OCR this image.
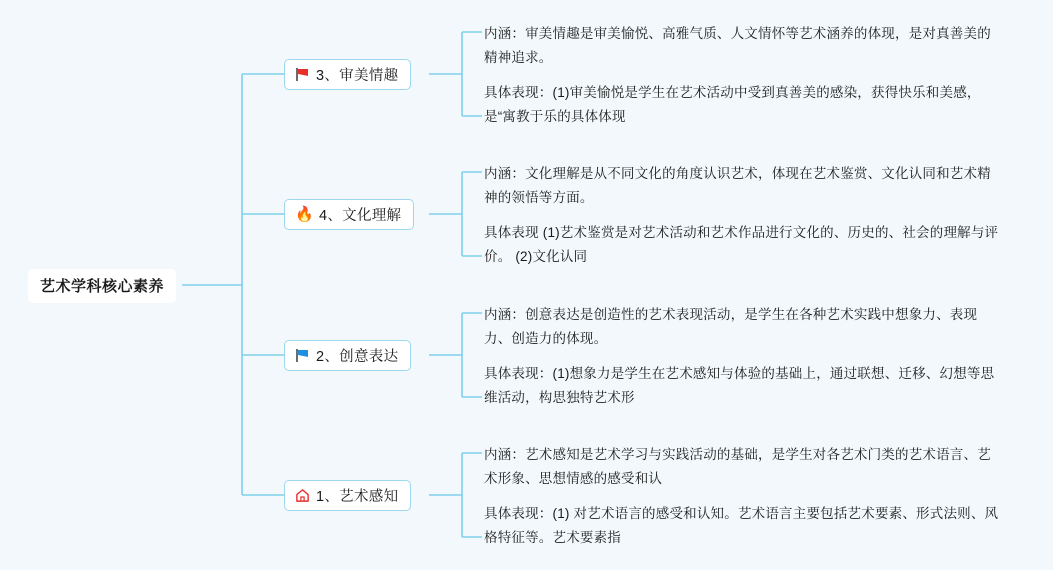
艺术学科核心素养
3、审美情趣

内涵：审美情趣是审美愉悦、高雅气质、人文情怀等艺术涵养的体现，是对真善美的精神追求。

具体表现：(1)审美愉悦是学生在艺术活动中受到真善美的感染，获得快乐和美感，是“寓教于乐的具体体现

🔥 4、文化理解

内涵：文化理解是从不同文化的角度认识艺术，体现在艺术鉴赏、文化认同和艺术精神的领悟等方面。

具体表现 (1)艺术鉴赏是对艺术活动和艺术作品进行文化的、历史的、社会的理解与评价。 (2)文化认同

2、创意表达

内涵：创意表达是创造性的艺术表现活动，是学生在各种艺术实践中想象力、表现力、创造力的体现。

具体表现：(1)想象力是学生在艺术感知与体验的基础上，通过联想、迁移、幻想等思维活动，构思独特艺术形

1、艺术感知

内涵：艺术感知是艺术学习与实践活动的基础，是学生对各艺术门类的艺术语言、艺术形象、思想情感的感受和认

具体表现：(1) 对艺术语言的感受和认知。艺术语言主要包括艺术要素、形式法则、风格特征等。艺术要素指
